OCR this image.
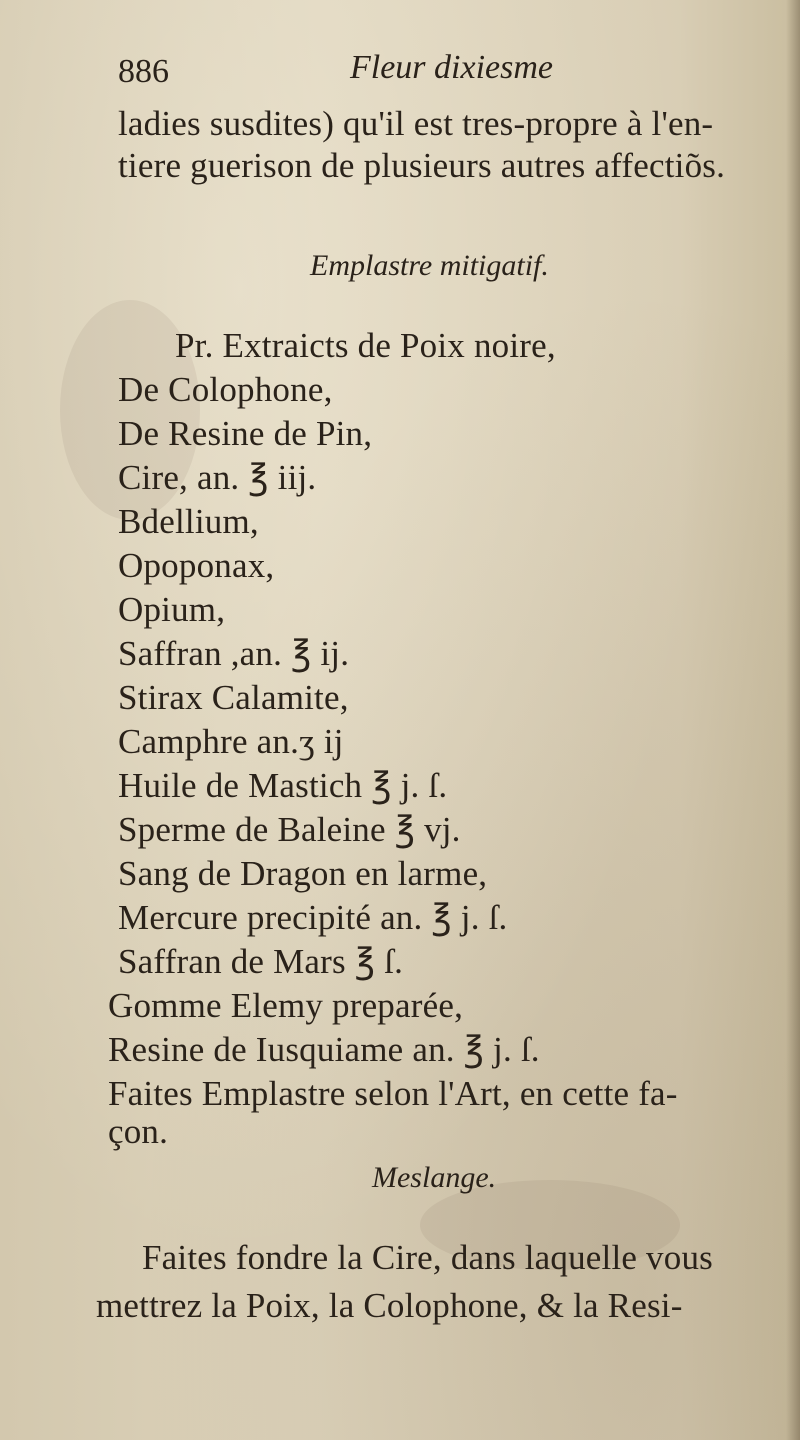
886	Fleur dixiesme
ladies susdites) qu'il est tres-propre à l'en-
tiere guerison de plusieurs autres affectiõs.
Emplastre mitigatif.
Pr. Extraicts de Poix noire,
De Colophone,
De Resine de Pin,
Cire, an. ℥ iij.
Bdellium,
Opoponax,
Opium,
Saffran ,an. ℥ ij.
Stirax Calamite,
Camphre an.ʒ ij
Huile de Mastich ℥ j. ſ.
Sperme de Baleine ℥ vj.
Sang de Dragon en larme,
Mercure precipité an. ℥ j. ſ.
Saffran de Mars ℥ ſ.
Gomme Elemy preparée,
Resine de Iusquiame an. ℥ j. ſ.
Faites Emplastre selon l'Art, en cette fa-
çon.
Meslange.
Faites fondre la Cire, dans laquelle vous
mettrez la Poix, la Colophone, & la Resi-
